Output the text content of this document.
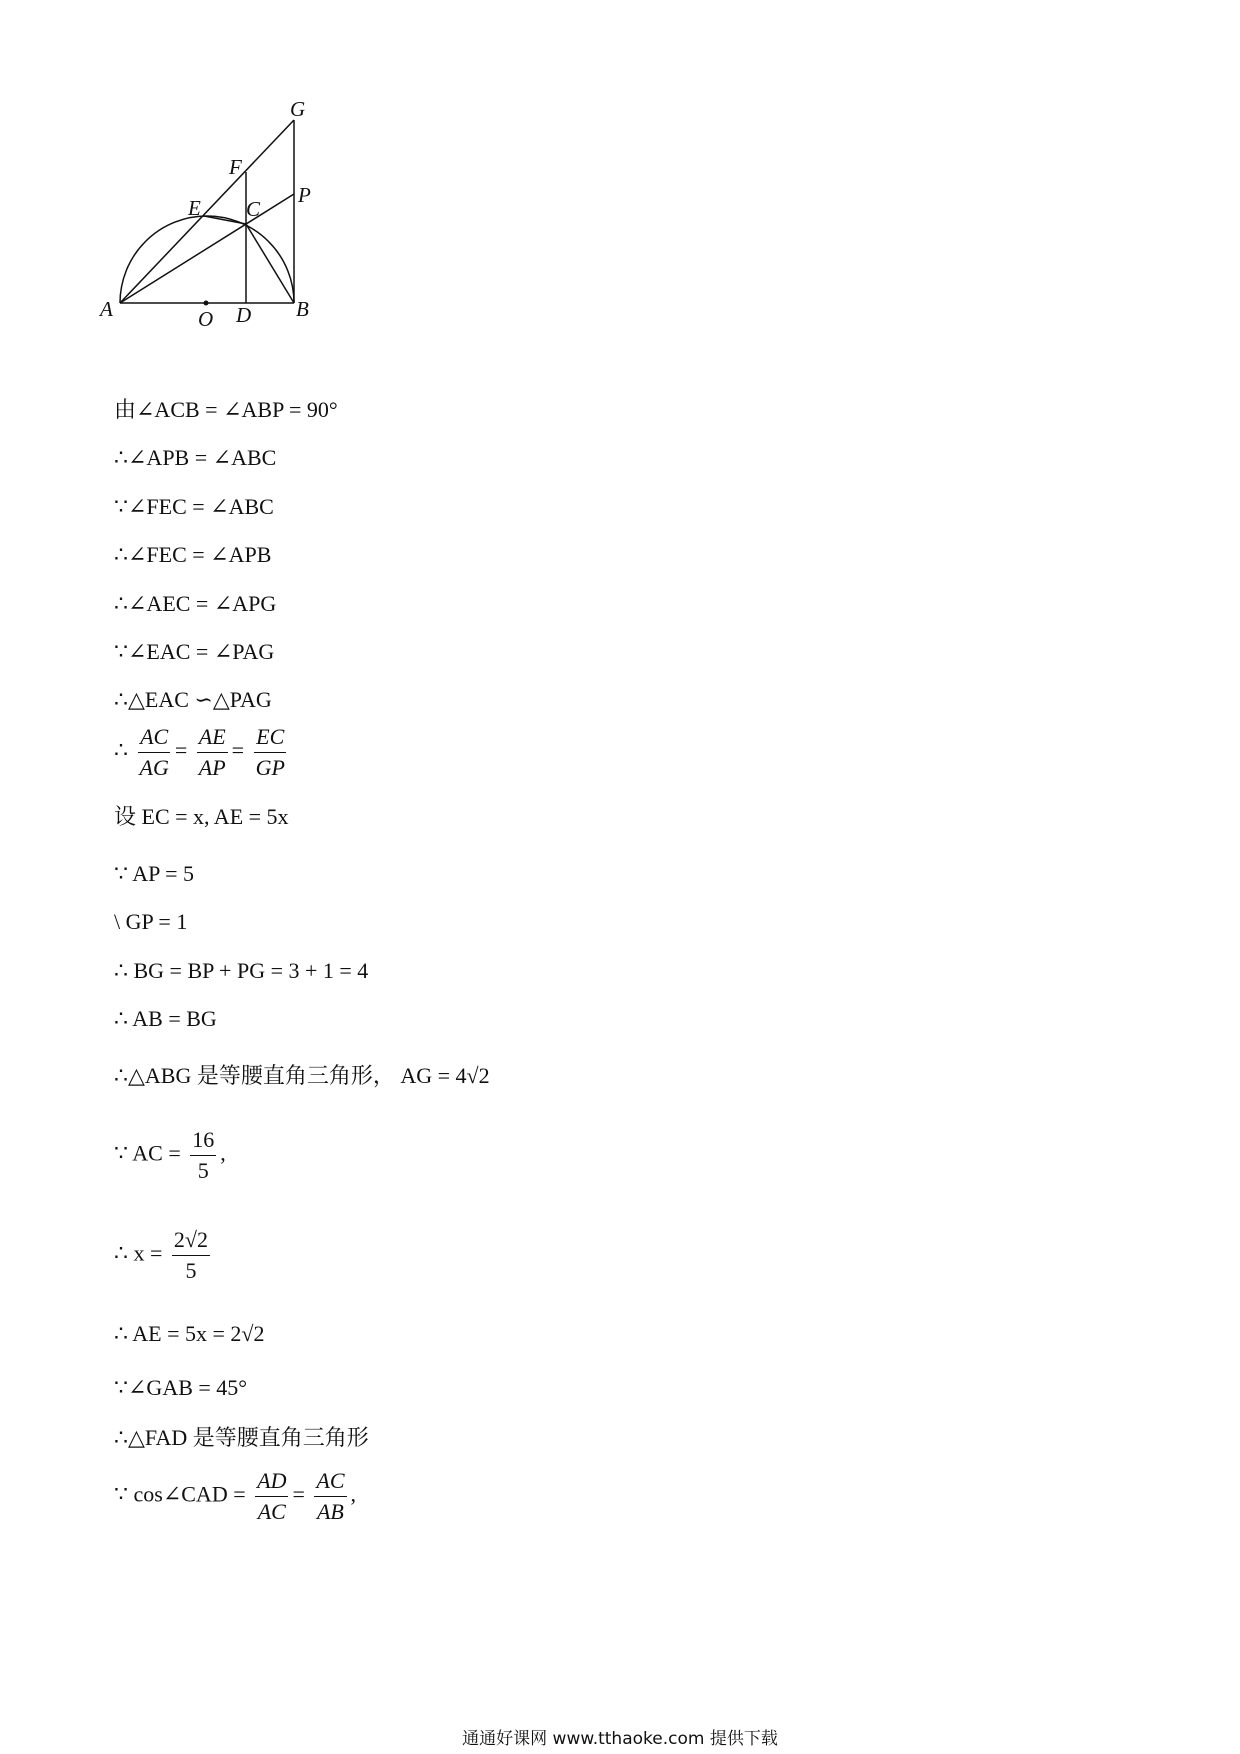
G
F
P
E C
A	O D B
由∠ACB = ∠ABP = 90°
∴∠APB = ∠ABC
∵∠FEC = ∠ABC
∴∠FEC = ∠APB
∴∠AEC = ∠APG
∵∠EAC = ∠PAG
∴△EAC ∽△PAG
∴ $\frac{AC}{AG} = \frac{AE}{AP} = \frac{EC}{GP}$
设 EC = x, AE = 5x
∵ AP = 5
\ GP = 1
∴ BG = BP + PG = 3 + 1 = 4
∴ AB = BG
∴△ABG 是等腰直角三角形， AG = 4√2
∵ AC = $\frac{16}{5}$ ,
∴ $x = \frac{2√2}{5}$
∴ AE = 5x = 2√2
∵∠GAB = 45°
∴△FAD 是等腰直角三角形
∵ cos∠CAD = $\frac{AD}{AC} = \frac{AC}{AB}$ ,
通通好课网 www.tthaoke.com 提供下载
